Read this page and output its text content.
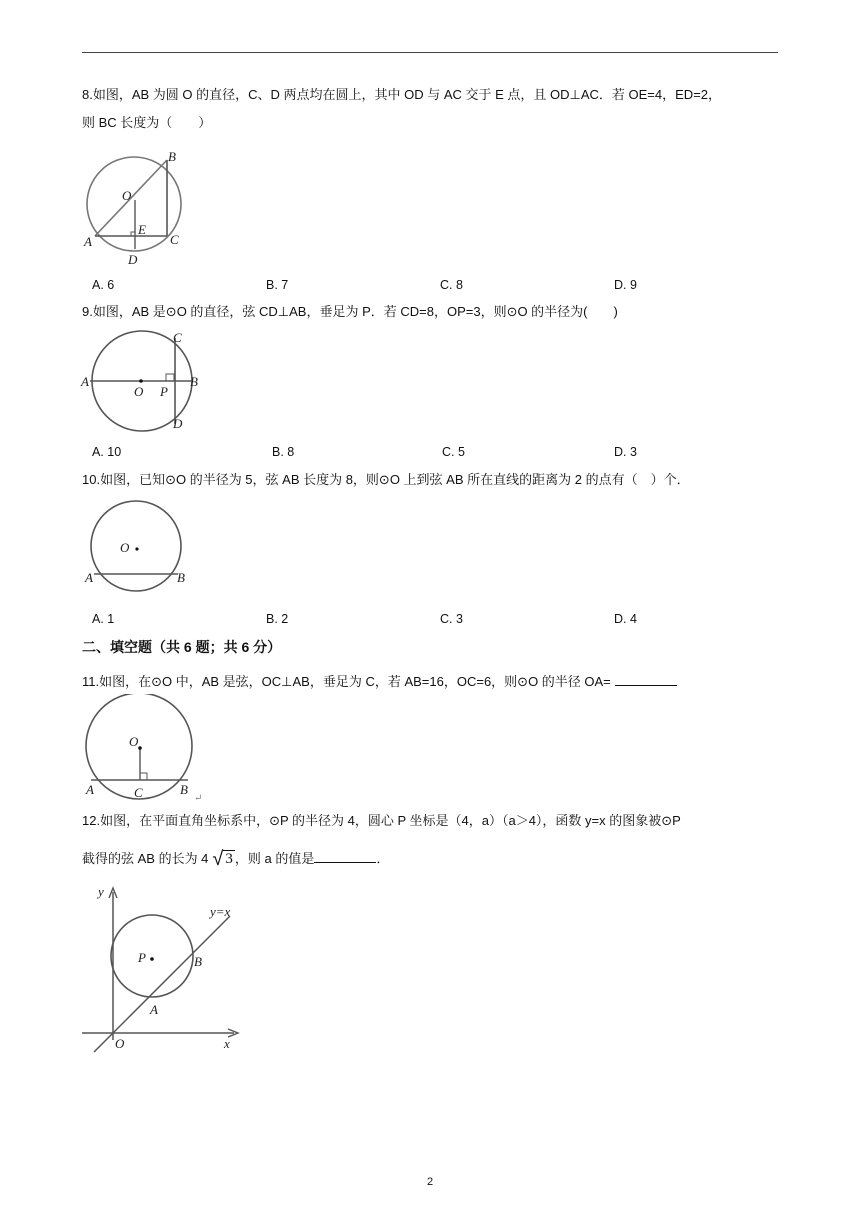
8.如图，AB 为圆 O 的直径，C、D 两点均在圆上，其中 OD 与 AC 交于 E 点，且 OD⊥AC．若 OE=4，ED=2，
则 BC 长度为（　　）
A
B
C
D
E
O
A. 6	B. 7	C. 8	D. 9
9.如图，AB 是⊙O 的直径，弦 CD⊥AB，垂足为 P．若 CD=8，OP=3，则⊙O 的半径为(　　)
A	B
C
D
O P
A. 10	B. 8	C. 5	D. 3
10.如图，已知⊙O 的半径为 5，弦 AB 长度为 8，则⊙O 上到弦 AB 所在直线的距离为 2 的点有（　）个．
O
A	B
A. 1	B. 2	C. 3	D. 4
二、填空题（共 6 题；共 6 分）
11.如图，在⊙O 中，AB 是弦，OC⊥AB，垂足为 C，若 AB=16，OC=6，则⊙O 的半径 OA=
O
A	C	B
↵
12.如图，在平面直角坐标系中，⊙P 的半径为 4，圆心 P 坐标是（4，a）（a＞4），函数 y=x 的图象被⊙P
截得的弦 AB 的长为 4 √ 3 ，则 a 的值是	．
y
x
O
P
A
B
y=x
2
